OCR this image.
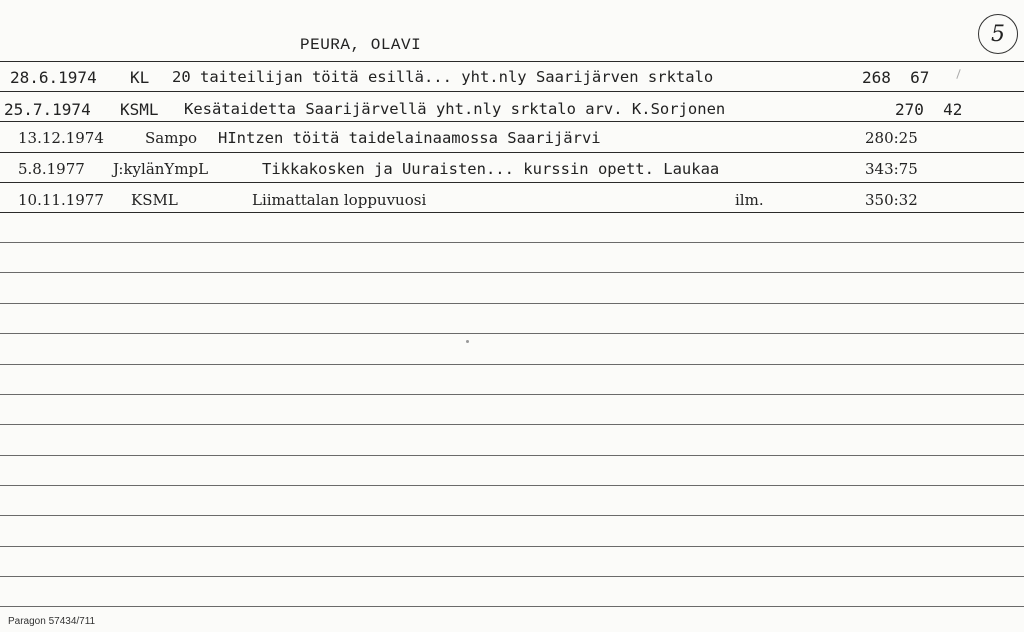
PEURA, OLAVI	5
28.6.1974 KL 20 taiteilijan töitä esillä... yht.nly Saarijärven srktalo	268  67
25.7.1974 KSML Kesätaidetta Saarijärvellä yht.nly srktalo arv. K.Sorjonen	270  42
13.12.1974	Sampo HIntzen töitä taidelainaamossa Saarijärvi	280:25
5.8.1977 J:kylänYmpL	Tikkakosken ja Uuraisten... kurssin opett. Laukaa	343:75
10.11.1977 KSML	Liimattalan loppuvuosi	ilm.	350:32
Paragon 57434/711
